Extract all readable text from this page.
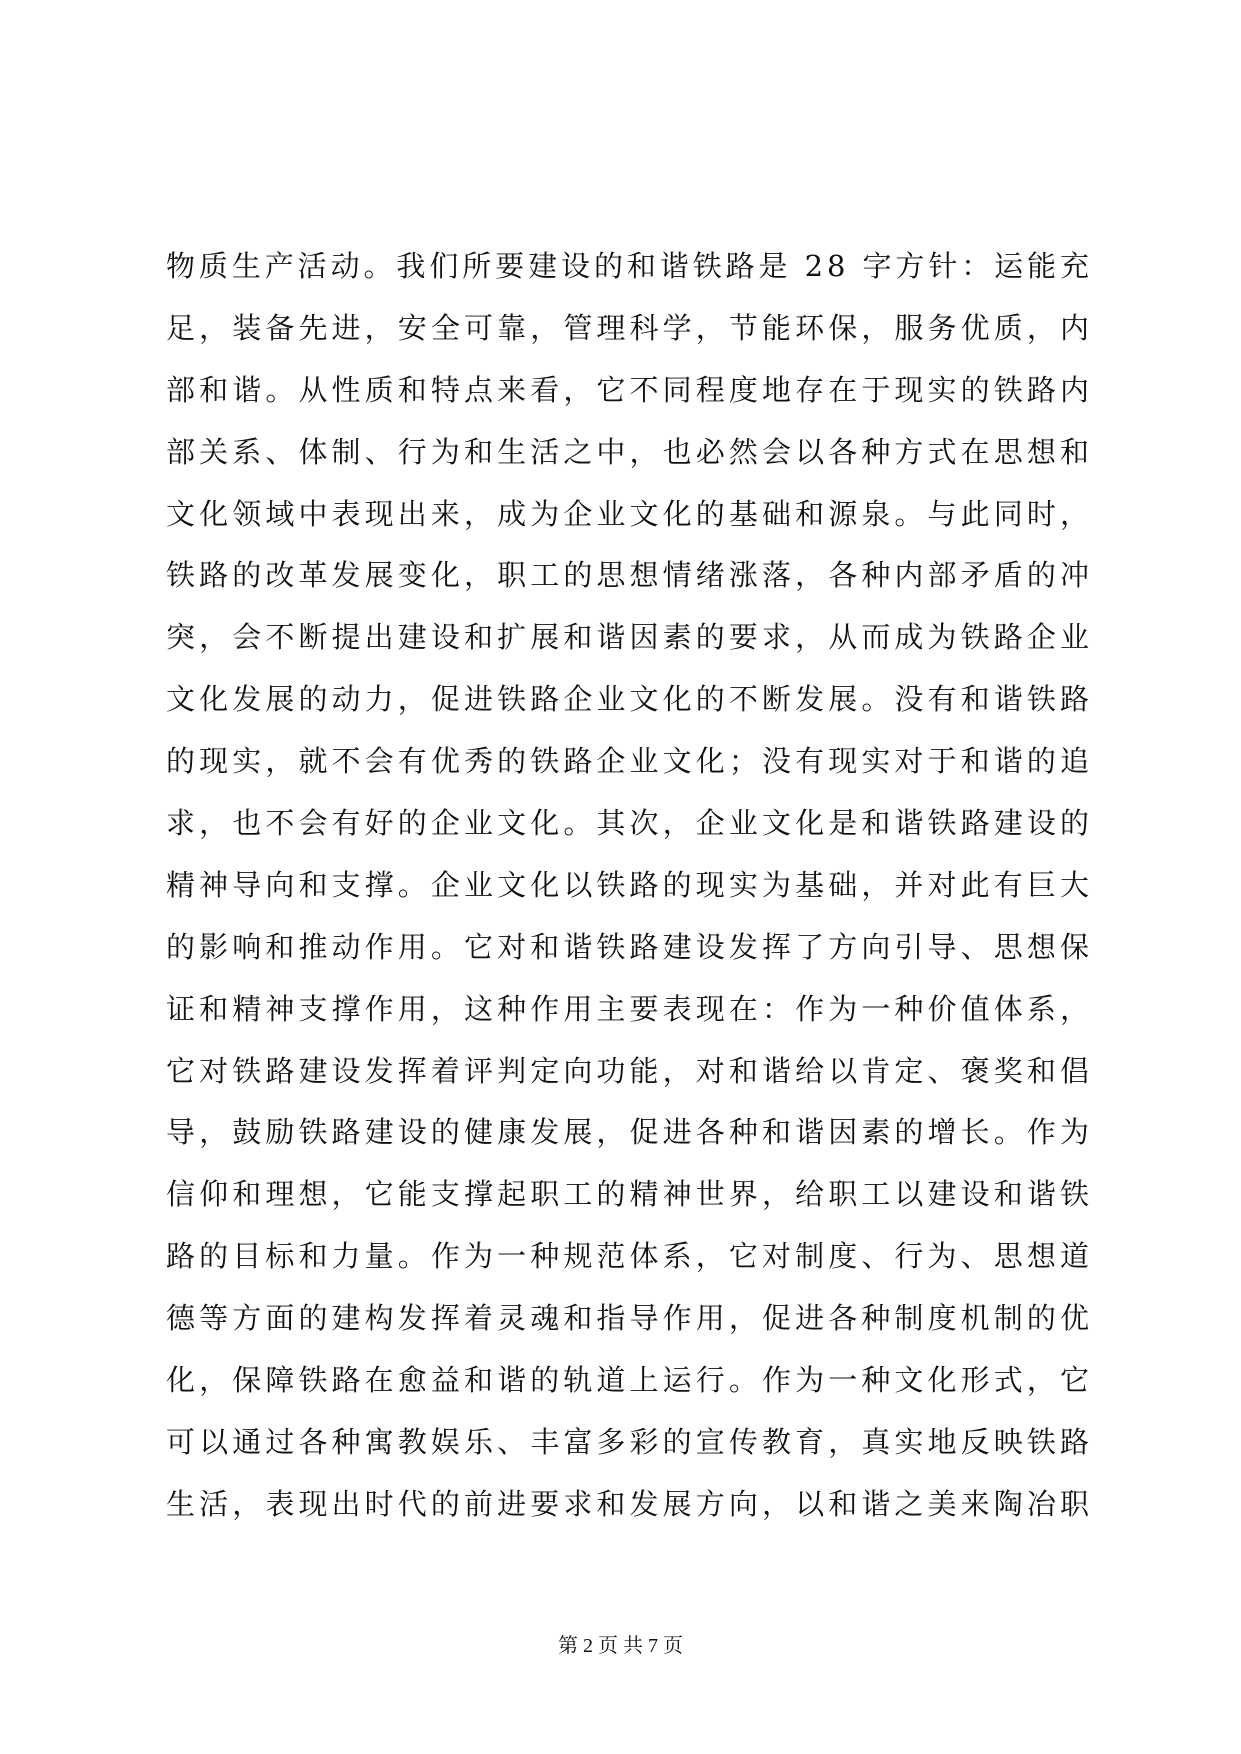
物质生产活动。我们所要建设的和谐铁路是 28 字方针：运能充
足，装备先进，安全可靠，管理科学，节能环保，服务优质，内
部和谐。从性质和特点来看，它不同程度地存在于现实的铁路内
部关系、体制、行为和生活之中，也必然会以各种方式在思想和
文化领域中表现出来，成为企业文化的基础和源泉。与此同时，
铁路的改革发展变化，职工的思想情绪涨落，各种内部矛盾的冲
突，会不断提出建设和扩展和谐因素的要求，从而成为铁路企业
文化发展的动力，促进铁路企业文化的不断发展。没有和谐铁路
的现实，就不会有优秀的铁路企业文化；没有现实对于和谐的追
求，也不会有好的企业文化。其次，企业文化是和谐铁路建设的
精神导向和支撑。企业文化以铁路的现实为基础，并对此有巨大
的影响和推动作用。它对和谐铁路建设发挥了方向引导、思想保
证和精神支撑作用，这种作用主要表现在：作为一种价值体系，
它对铁路建设发挥着评判定向功能，对和谐给以肯定、褒奖和倡
导，鼓励铁路建设的健康发展，促进各种和谐因素的增长。作为
信仰和理想，它能支撑起职工的精神世界，给职工以建设和谐铁
路的目标和力量。作为一种规范体系，它对制度、行为、思想道
德等方面的建构发挥着灵魂和指导作用，促进各种制度机制的优
化，保障铁路在愈益和谐的轨道上运行。作为一种文化形式，它
可以通过各种寓教娱乐、丰富多彩的宣传教育，真实地反映铁路
生活，表现出时代的前进要求和发展方向，以和谐之美来陶冶职
第 2 页 共 7 页
